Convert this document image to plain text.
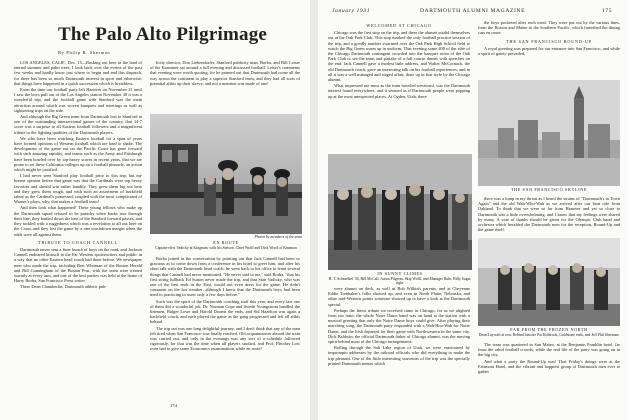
The Palo Alto Pilgrimage
By Philip R. Sherman

LOS ANGELES, CALIF., Dec. 15—Basking out here in the land of eternal summer and palm trees, I look back over the events of the past few weeks and hardly know just where to begin and end this dispatch, for there has been so much Dartmouth interest in sport and otherwise, that things have happened in a quick succession which is breathless.

From the time our football party left Hanover on November 21 until I saw the boys pull out of the Los Angeles station November 30 it was a wonderful trip, and the football game with Stanford was the main attraction around which was woven banquets and meetings as well as sightseeing trips on the side.

And although the Big Green team from Dartmouth lost to Stanford in one of the outstanding intersectional games of the country, that 14-7 score was a surprise to all Eastern football followers and a magnificent tribute to the fighting qualities of the Dartmouth players.

We who have been watching Eastern football for a span of years have formed opinions of Western football which are hard to shake. The development of the game out on the Pacific Coast has gone forward with such amazing rapidity, and teams such as the Army and Pittsburgh have been bowled over by top-heavy scores in recent years, that we are prone to set these California colleges up on a football pinnacle, an action which might be justified.

I had never seen Stanford play football prior to this trip, but my honest opinion before that game was that the Cardinals were top heavy favorites and should win rather handily. They grew them big out here and they grew them rough, and with such an assortment of backfield talent as the Cardinal's possessed, coupled with the most complicated of Warner's plays, why, that makes a football team!

And then look what happened! These young fellows who make up the Dartmouth squad refused to be panicky when backs tore through their line, they battled down the best of the Stanford forward passes, and they tackled with a ruggedness which was a revelation to all out here on the Coast, and they lost the game by a one touchdown margin when the odds were all against them.

TRIBUTE TO COACH CANNELL

Dartmouth never sent a finer bunch of boys on the road, and Jackson Cannell endeared himself to the Far Western sportswriters and public in a way that no other Eastern head coach had done before. We newspaper men who made the trip, including Bert Whitman of the Boston Herald and Bill Cunningham of the Boston Post, with the team were treated warmly at every turn, and one of the best parties was held at the home of Harry Borba, San Francisco Press writer.

There Dean Chamberlin, Dartmouth athletic pub-

licity director, Don Liebendorfer, Stanford publicity man, Borba, and Bill Leiser of the Examiner sat around a full evening and discussed football. Leiser's comments that evening were worth quoting, for he pointed out that Dartmouth had come all the way across the continent to play a superior Stanford team, and they had all sorts of potential alibis up their sleeve, and not a mention was made of one!

Photos by members of the team
EN ROUTE
Captain-elect Vadicky at Kingman, with his Stetson, Chief Wolff and Dick Wood of Kimmon

Borba joined in the conversation by pointing out that Jack Cannell had been so gracious as to come down from a conference in his hotel to greet him, and after his short talk with the Dartmouth head coach, he went back to his office to learn several things that Cannell had never mentioned. "He never said to me," said Borba, "that his first string fullback Ed Sutton never made the trip, and that Stan Vadicky, who was one of the best ends in the East, would not even dress for the game. He didn't comment on the hot weather, although I knew that the Dartmouth boys had been used to practicing in snow only a few days before."

Such was the spirit of the Dartmouth coaching staff this year, and every last one of them did a wonderful job. Dr. Norman Cope and Swede Youngstrom handled the linemen, Bulger Lowe and Harold Dooms the ends, and Sid Hazelton was again a backfield coach, and each played the game as the gang progressed and left all alibis behind.

The trip out was one long delightful journey, and I don't think that any of the men felt tired when San Francisco was finally reached. Old acquaintances aboard the train was carried out, and only in the evenings was any sort of a schedule followed rigorously, for that was the time when all players studied, and Prof. Fletcher Low even had to give some Economics examinations while en route!

174
January 1931	DARTMOUTH ALUMNI MAGAZINE	175
WELCOMED AT CHICAGO

Chicago was the first stop on the trip, and there the alumni outdid themselves out at the Oak Park Club. This stop marked the only football practice session of the trip, and a goodly number swarmed over the Oak Park High School field to watch the Big Green warm up in uniform. That evening some 400 of the elite of the Chicago Dartmouth contingent crowded into the banquet room of the Oak Park Club to see the team and partake of a full course dinner with speeches on the end. Jack Cannell gave a modest little address, and Walter McCornack, the old Dartmouth coach, gave an interesting talk on his football experiences, and in all it was a well managed and staged affair, done up in fine style by the Chicago alumni.

What impressed me most as the train traveled westward, was the Dartmouth interest found everywhere, and it seemed as if Dartmouth people were popping up at the most unexpected places. At Ogden, Utah, there

IN SUNNY CLIMES
H. T. Schmelkel '30, Bill McCall, Aaron Pilgrem, Skip Wolff, and Manager Buhr. Billy Sugar, right.

were alumni on deck, as well as Bob Wilkin's parents, and at Cheyenne Eddie Trenbaker's folks showed up, and even in North Platte, Nebraska, and other mid-Western points someone showed up to have a look at the Dartmouth special.

Perhaps the finest tribute we received came in Chicago, for as we alighted from our train, the whole Notre Dame band was on hand at the station with a musical greeting that only the Notre Dame boys could give. After playing their marching song, the Dartmouth party responded with a Wah-Hoo-Wah for Notre Dame, and the Irish departed for their game with Northwestern in the same city. Dick Baldwin, the official Dartmouth father of Chicago alumni, was the moving spirit behind most of the Chicago arrangements.

Rolling through the Salt Lake region of Utah, we were entertained by impromptu addresses by the railroad officials who did everything to make the trip pleasant. One of the little interesting souvenirs of the trip was the specially printed Dartmouth menus which

the boys pocketed after each meal. They were put out by the various lines, from the Boston and Maine to the Southern Pacific, which furnished the dining cars en route.

THE SAN FRANCISCO ROUND-UP

A royal greeting was prepared for our entrance into San Francisco, and while a spirit of gaiety prevailed,

THE SAN FRANCISCO SKYLINE

there was a lump in my throat as I heard the strains of "Dartmouth's in Town Again" and the old Wah-Who-Wah as we arrived after our boat ride from Oakland. To think that we were so far from Hanover and yet so close to Dartmouth was a little overwhelming, and I know that my feelings were shared by many. A vote of thanks should be given for the Olympic Club band and orchestra which heralded the Dartmouth men for the reception, Round-Up and the game itself.

FAR FROM THE FROZEN NORTH
Dean Laycraft at rear. Behind him are Pat Holbrook, Goldstone ends, and Jeff Phil Sherman.

The team was quartered in San Mateo, at the Benjamin Franklin hotel, far from the rabid football crowds, while the real life of the party was going on in the big city.

And what a party the Round-Up was! That Friday's doings were at the Fairmont Hotel, and the vibrant and happiest group of Dartmouth men ever to gather
